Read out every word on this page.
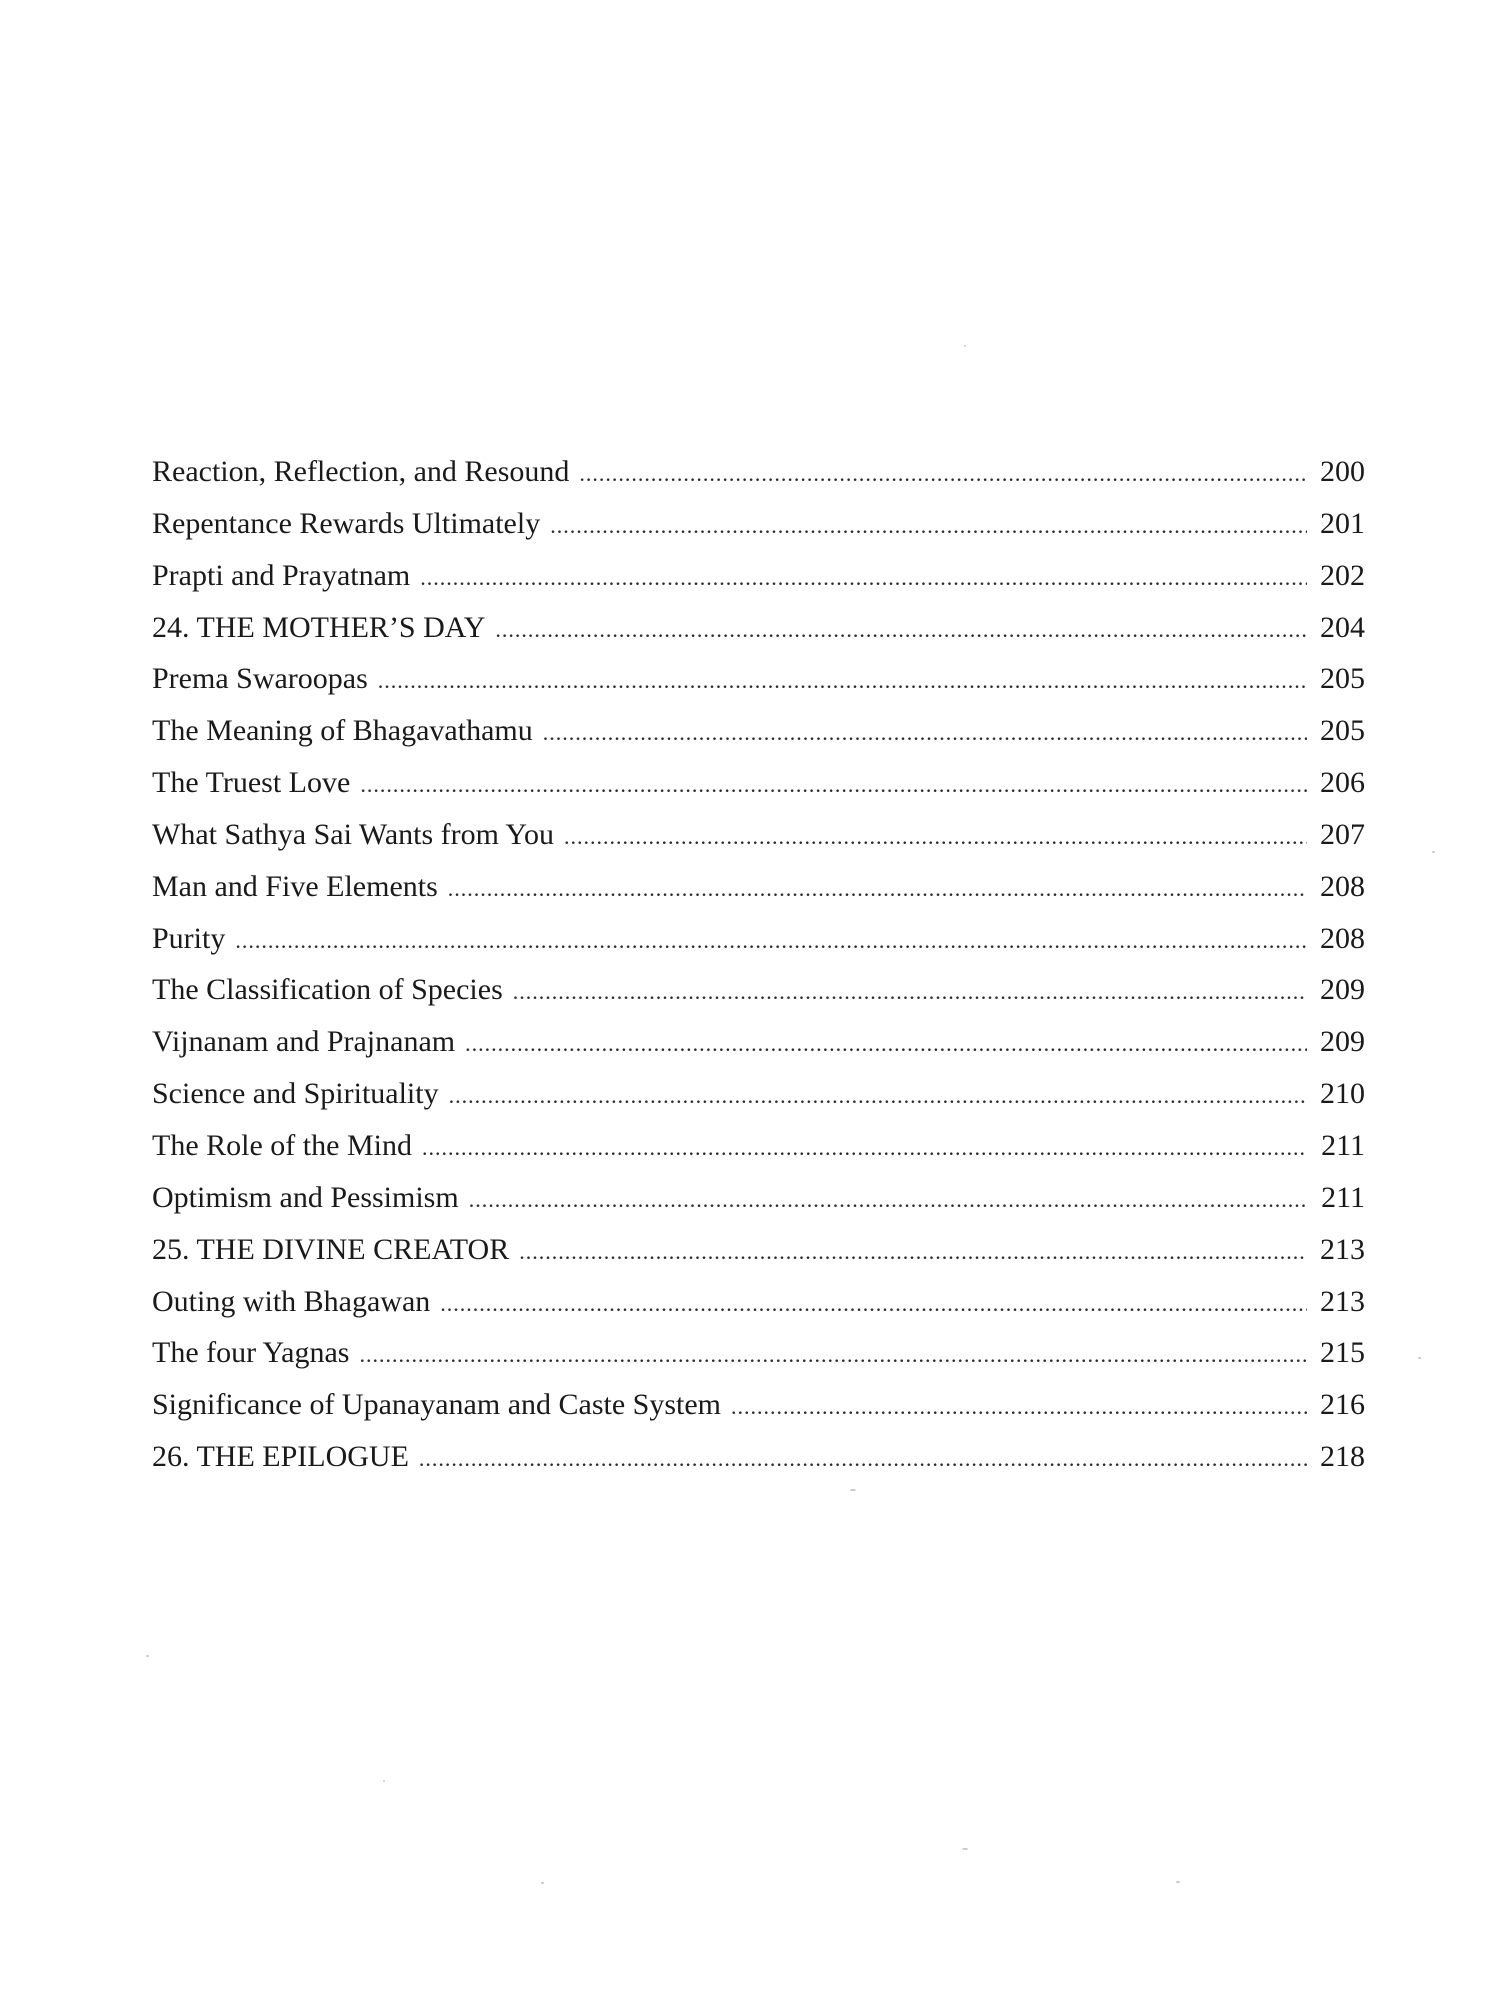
Reaction, Reflection, and Resound .....	200
Repentance Rewards Ultimately .....	201
Prapti and Prayatnam .....	202
24. THE MOTHER’S DAY .....	204
Prema Swaroopas .....	205
The Meaning of Bhagavathamu .....	205
The Truest Love .....	206
What Sathya Sai Wants from You .....	207
Man and Five Elements .....	208
Purity .....	208
The Classification of Species .....	209
Vijnanam and Prajnanam .....	209
Science and Spirituality .....	210
The Role of the Mind .....	211
Optimism and Pessimism .....	211
25. THE DIVINE CREATOR .....	213
Outing with Bhagawan .....	213
The four Yagnas .....	215
Significance of Upanayanam and Caste System .....	216
26. THE EPILOGUE .....	218
